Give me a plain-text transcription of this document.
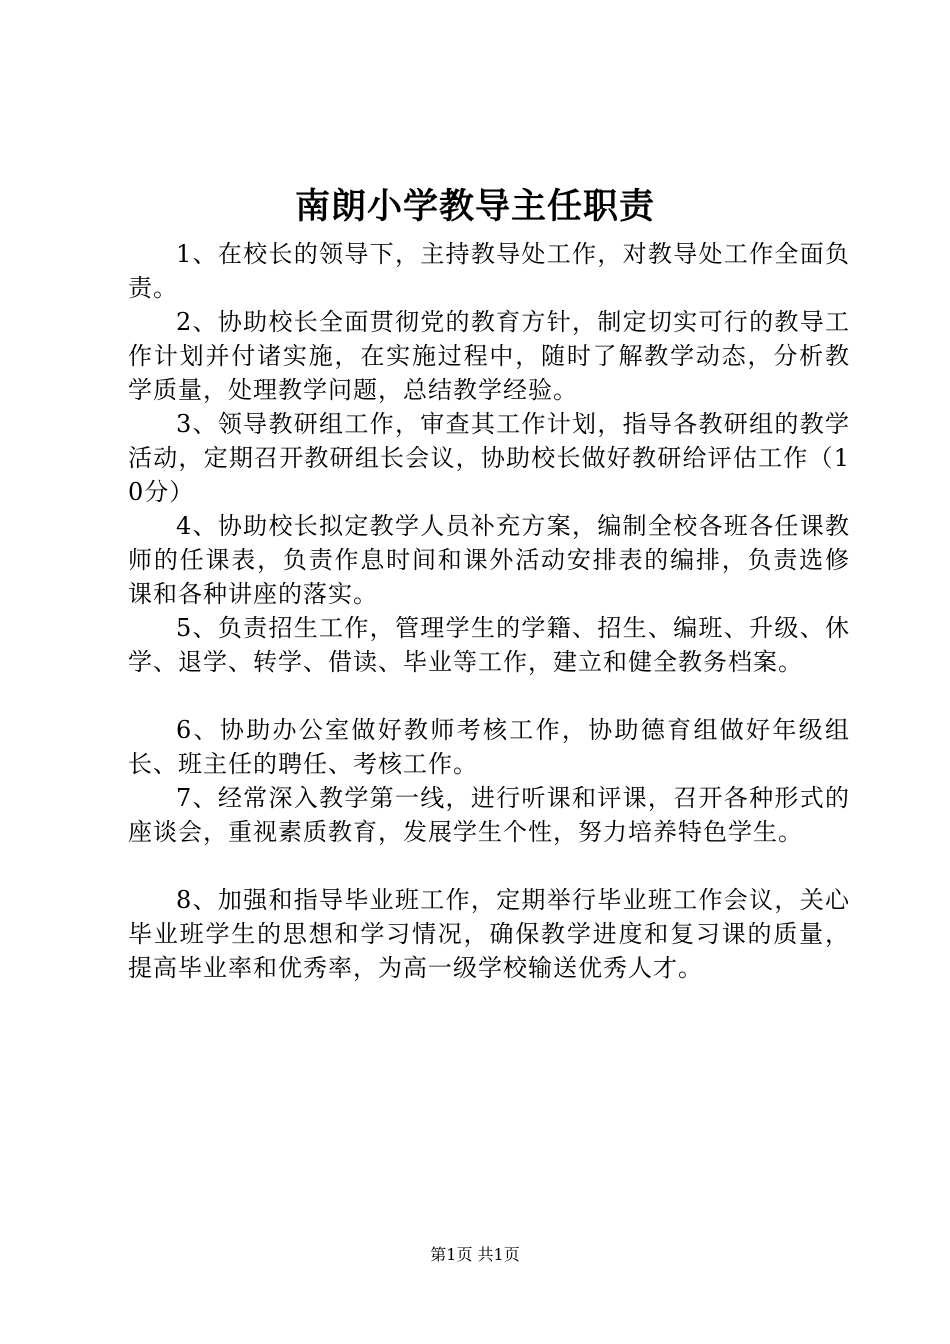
南朗小学教导主任职责

1、在校长的领导下，主持教导处工作，对教导处工作全面负责。

2、协助校长全面贯彻党的教育方针，制定切实可行的教导工作计划并付诸实施，在实施过程中，随时了解教学动态，分析教学质量，处理教学问题，总结教学经验。

3、领导教研组工作，审查其工作计划，指导各教研组的教学活动，定期召开教研组长会议，协助校长做好教研给评估工作（10分）

4、协助校长拟定教学人员补充方案，编制全校各班各任课教师的任课表，负责作息时间和课外活动安排表的编排，负责选修课和各种讲座的落实。

5、负责招生工作，管理学生的学籍、招生、编班、升级、休学、退学、转学、借读、毕业等工作，建立和健全教务档案。

6、协助办公室做好教师考核工作，协助德育组做好年级组长、班主任的聘任、考核工作。

7、经常深入教学第一线，进行听课和评课，召开各种形式的座谈会，重视素质教育，发展学生个性，努力培养特色学生。

8、加强和指导毕业班工作，定期举行毕业班工作会议，关心毕业班学生的思想和学习情况，确保教学进度和复习课的质量，提高毕业率和优秀率，为高一级学校输送优秀人才。

第1页 共1页
